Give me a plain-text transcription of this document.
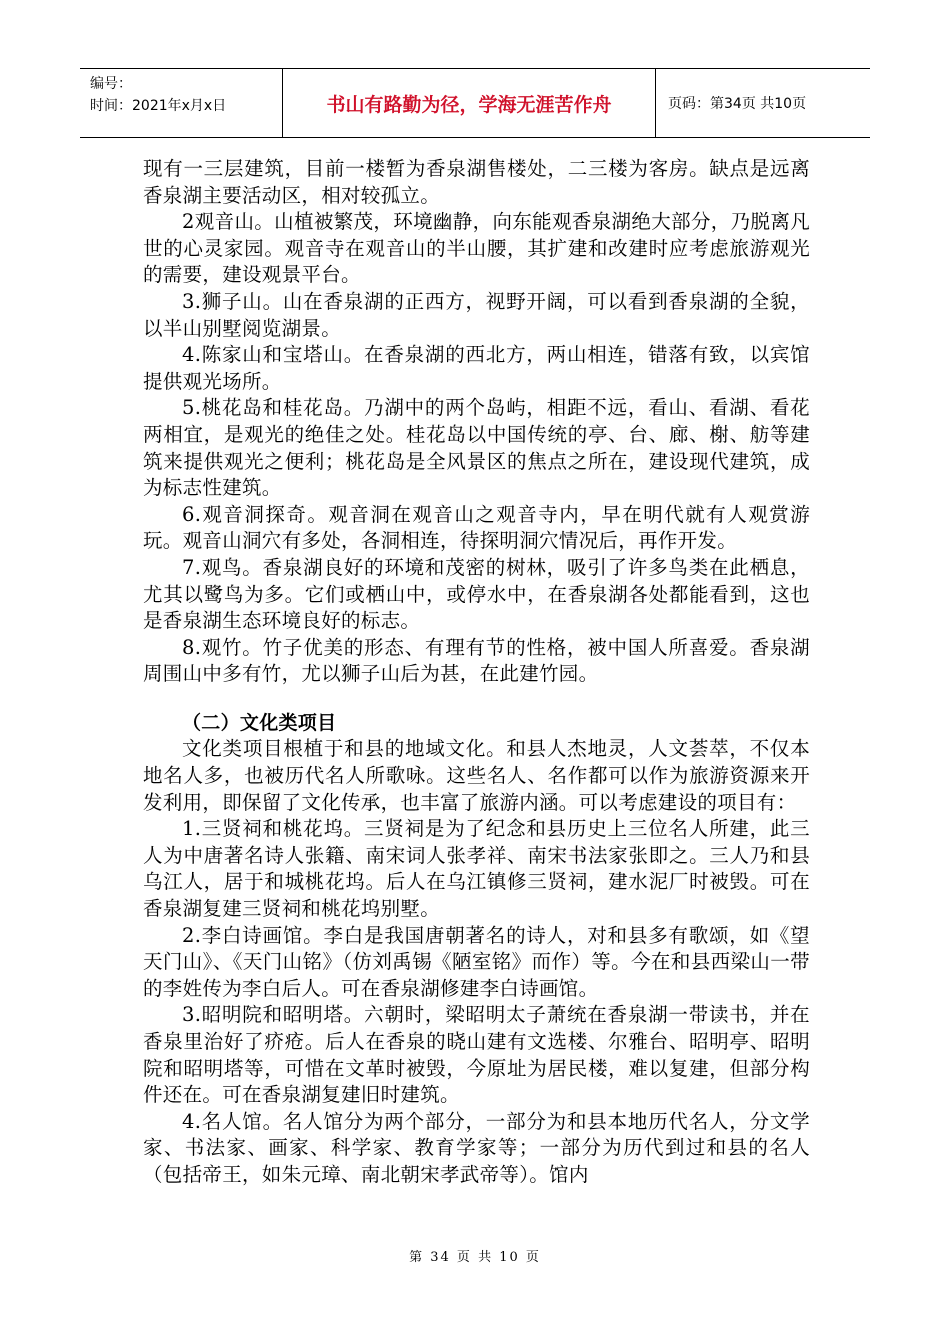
编号：
时间：2021年x月x日	书山有路勤为径，学海无涯苦作舟	页码：第34页 共10页

现有一三层建筑，目前一楼暂为香泉湖售楼处，二三楼为客房。缺点是远离香泉湖主要活动区，相对较孤立。

2观音山。山植被繁茂，环境幽静，向东能观香泉湖绝大部分，乃脱离凡世的心灵家园。观音寺在观音山的半山腰，其扩建和改建时应考虑旅游观光的需要，建设观景平台。

3.狮子山。山在香泉湖的正西方，视野开阔，可以看到香泉湖的全貌，以半山别墅阅览湖景。

4.陈家山和宝塔山。在香泉湖的西北方，两山相连，错落有致，以宾馆提供观光场所。

5.桃花岛和桂花岛。乃湖中的两个岛屿，相距不远，看山、看湖、看花两相宜，是观光的绝佳之处。桂花岛以中国传统的亭、台、廊、榭、舫等建筑来提供观光之便利；桃花岛是全风景区的焦点之所在，建设现代建筑，成为标志性建筑。

6.观音洞探奇。观音洞在观音山之观音寺内，早在明代就有人观赏游玩。观音山洞穴有多处，各洞相连，待探明洞穴情况后，再作开发。

7.观鸟。香泉湖良好的环境和茂密的树林，吸引了许多鸟类在此栖息，尤其以鹭鸟为多。它们或栖山中，或停水中，在香泉湖各处都能看到，这也是香泉湖生态环境良好的标志。

8.观竹。竹子优美的形态、有理有节的性格，被中国人所喜爱。香泉湖周围山中多有竹，尤以狮子山后为甚，在此建竹园。

（二）文化类项目

文化类项目根植于和县的地域文化。和县人杰地灵，人文荟萃，不仅本地名人多，也被历代名人所歌咏。这些名人、名作都可以作为旅游资源来开发利用，即保留了文化传承，也丰富了旅游内涵。可以考虑建设的项目有：

1.三贤祠和桃花坞。三贤祠是为了纪念和县历史上三位名人所建，此三人为中唐著名诗人张籍、南宋词人张孝祥、南宋书法家张即之。三人乃和县乌江人，居于和城桃花坞。后人在乌江镇修三贤祠，建水泥厂时被毁。可在香泉湖复建三贤祠和桃花坞别墅。

2.李白诗画馆。李白是我国唐朝著名的诗人，对和县多有歌颂，如《望天门山》、《天门山铭》（仿刘禹锡《陋室铭》而作）等。今在和县西梁山一带的李姓传为李白后人。可在香泉湖修建李白诗画馆。

3.昭明院和昭明塔。六朝时，梁昭明太子萧统在香泉湖一带读书，并在香泉里治好了疥疮。后人在香泉的晓山建有文选楼、尔雅台、昭明亭、昭明院和昭明塔等，可惜在文革时被毁，今原址为居民楼，难以复建，但部分构件还在。可在香泉湖复建旧时建筑。

4.名人馆。名人馆分为两个部分，一部分为和县本地历代名人，分文学家、书法家、画家、科学家、教育学家等；一部分为历代到过和县的名人（包括帝王，如朱元璋、南北朝宋孝武帝等）。馆内

第 34 页 共 10 页
